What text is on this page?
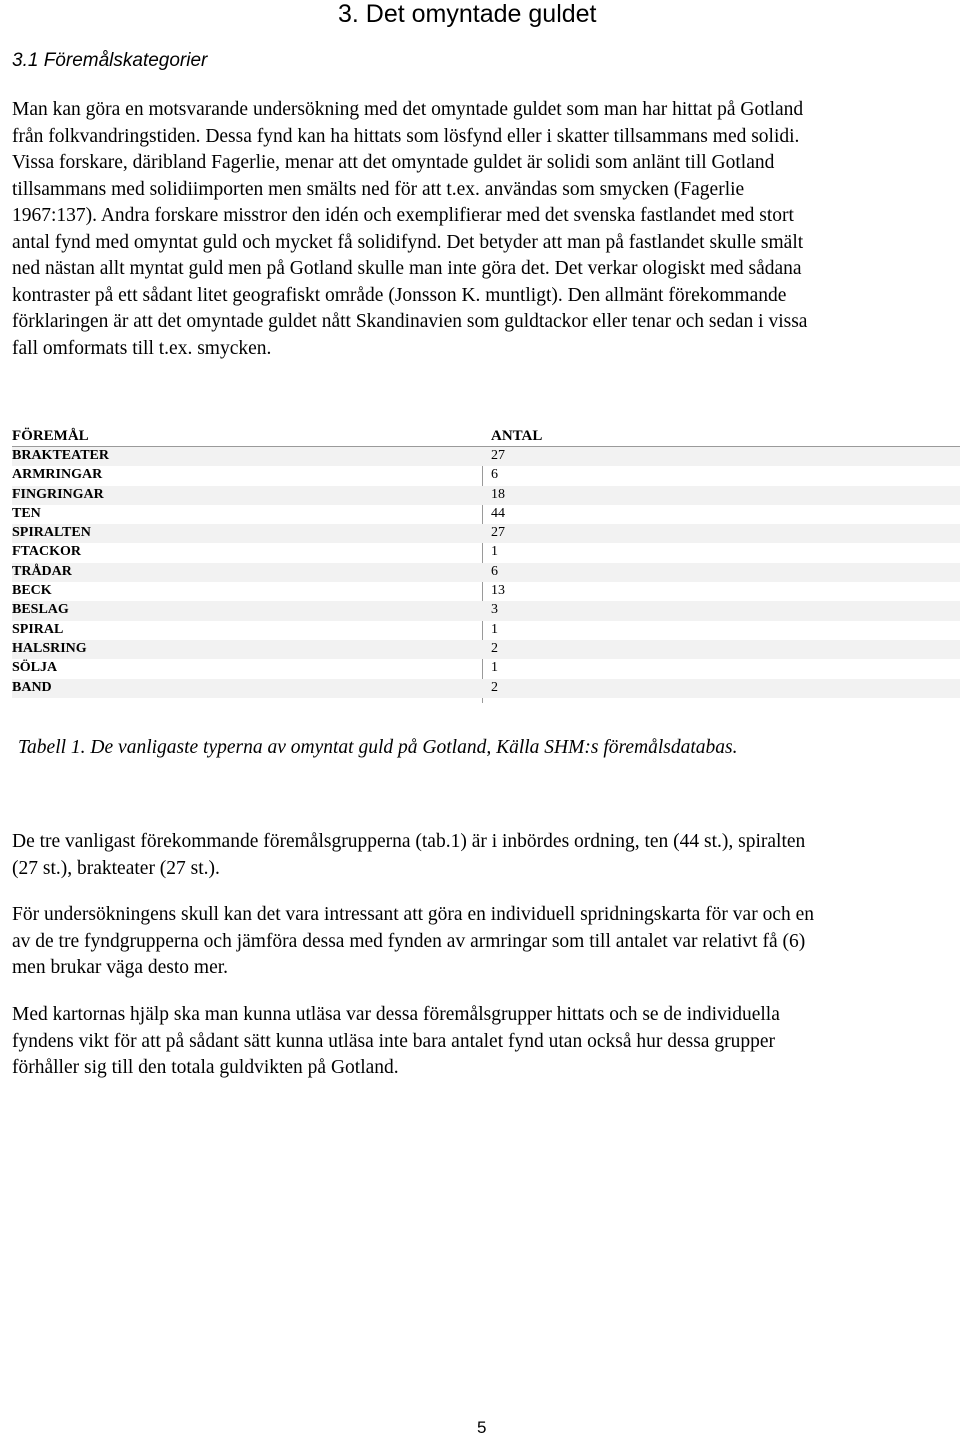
3. Det omyntade guldet
3.1 Föremålskategorier
Man kan göra en motsvarande undersökning med det omyntade guldet som man har hittat på Gotland
från folkvandringstiden. Dessa fynd kan ha hittats som lösfynd eller i skatter tillsammans med solidi.
Vissa forskare, däribland Fagerlie, menar att det omyntade guldet är solidi som anlänt till Gotland
tillsammans med solidiimporten men smälts ned för att t.ex. användas som smycken (Fagerlie
1967:137). Andra forskare misstror den idén och exemplifierar med det svenska fastlandet med stort
antal fynd med omyntat guld och mycket få solidifynd. Det betyder att man på fastlandet skulle smält
ned nästan allt myntat guld men på Gotland skulle man inte göra det. Det verkar ologiskt med sådana
kontraster på ett sådant litet geografiskt område (Jonsson K. muntligt). Den allmänt förekommande
förklaringen är att det omyntade guldet nått Skandinavien som guldtackor eller tenar och sedan i vissa
fall omformats till t.ex. smycken.
FÖREMÅL	ANTAL
BRAKTEATER	27
ARMRINGAR	6
FINGRINGAR	18
TEN	44
SPIRALTEN	27
FTACKOR	1
TRÅDAR	6
BECK	13
BESLAG	3
SPIRAL	1
HALSRING	2
SÖLJA	1
BAND	2
Tabell 1. De vanligaste typerna av omyntat guld på Gotland, Källa SHM:s föremålsdatabas.
De tre vanligast förekommande föremålsgrupperna (tab.1) är i inbördes ordning, ten (44 st.), spiralten
(27 st.), brakteater (27 st.).
För undersökningens skull kan det vara intressant att göra en individuell spridningskarta för var och en
av de tre fyndgrupperna och jämföra dessa med fynden av armringar som till antalet var relativt få (6)
men brukar väga desto mer.
Med kartornas hjälp ska man kunna utläsa var dessa föremålsgrupper hittats och se de individuella
fyndens vikt för att på sådant sätt kunna utläsa inte bara antalet fynd utan också hur dessa grupper
förhåller sig till den totala guldvikten på Gotland.
5
